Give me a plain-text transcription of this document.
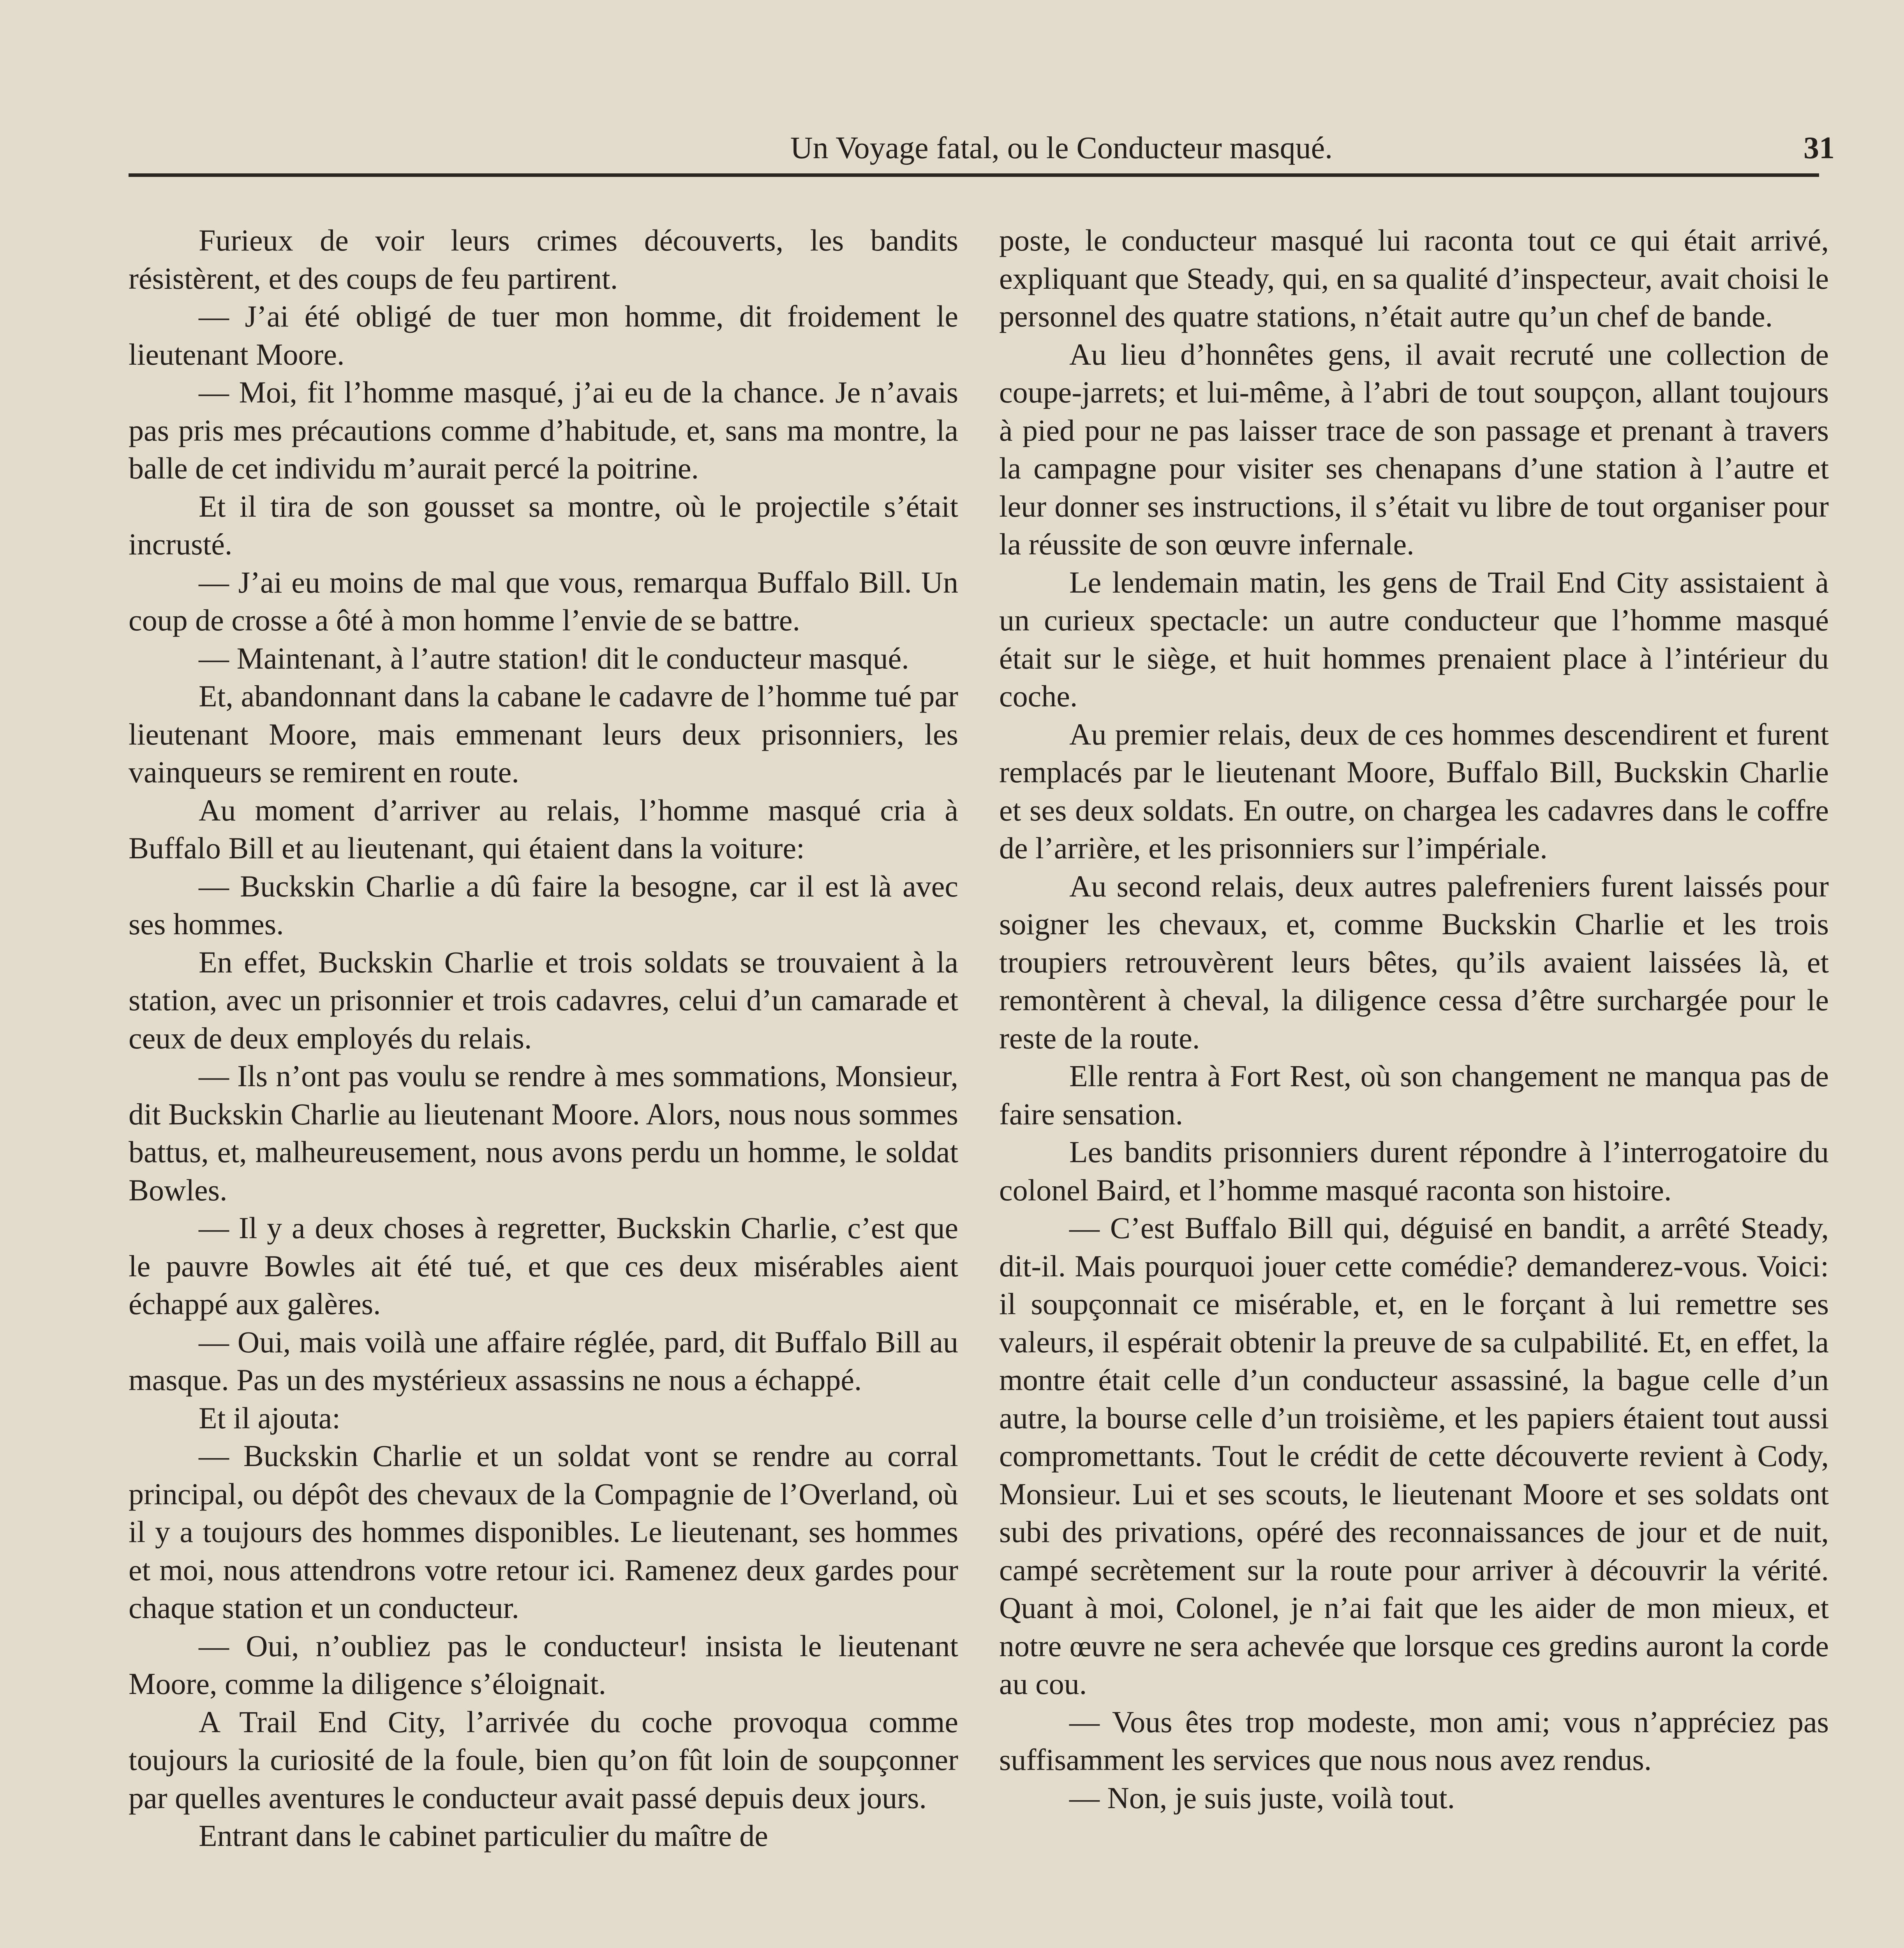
Un Voyage fatal, ou le Conducteur masqué.	31

Furieux de voir leurs crimes découverts, les bandits résistèrent, et des coups de feu partirent.

— J’ai été obligé de tuer mon homme, dit froidement le lieutenant Moore.

— Moi, fit l’homme masqué, j’ai eu de la chance. Je n’avais pas pris mes précautions comme d’habitude, et, sans ma montre, la balle de cet individu m’aurait percé la poitrine.

Et il tira de son gousset sa montre, où le projectile s’était incrusté.

— J’ai eu moins de mal que vous, remarqua Buffalo Bill. Un coup de crosse a ôté à mon homme l’envie de se battre.

— Maintenant, à l’autre station! dit le conducteur masqué.

Et, abandonnant dans la cabane le cadavre de l’homme tué par lieutenant Moore, mais emmenant leurs deux prisonniers, les vainqueurs se remirent en route.

Au moment d’arriver au relais, l’homme masqué cria à Buffalo Bill et au lieutenant, qui étaient dans la voiture:

— Buckskin Charlie a dû faire la besogne, car il est là avec ses hommes.

En effet, Buckskin Charlie et trois soldats se trouvaient à la station, avec un prisonnier et trois cadavres, celui d’un camarade et ceux de deux employés du relais.

— Ils n’ont pas voulu se rendre à mes sommations, Monsieur, dit Buckskin Charlie au lieutenant Moore. Alors, nous nous sommes battus, et, malheureusement, nous avons perdu un homme, le soldat Bowles.

— Il y a deux choses à regretter, Buckskin Charlie, c’est que le pauvre Bowles ait été tué, et que ces deux misérables aient échappé aux galères.

— Oui, mais voilà une affaire réglée, pard, dit Buffalo Bill au masque. Pas un des mystérieux assassins ne nous a échappé.

Et il ajouta:

— Buckskin Charlie et un soldat vont se rendre au corral principal, ou dépôt des chevaux de la Compagnie de l’Overland, où il y a toujours des hommes disponibles. Le lieutenant, ses hommes et moi, nous attendrons votre retour ici. Ramenez deux gardes pour chaque station et un conducteur.

— Oui, n’oubliez pas le conducteur! insista le lieutenant Moore, comme la diligence s’éloignait.

A Trail End City, l’arrivée du coche provoqua comme toujours la curiosité de la foule, bien qu’on fût loin de soupçonner par quelles aventures le conducteur avait passé depuis deux jours.

Entrant dans le cabinet particulier du maître de

poste, le conducteur masqué lui raconta tout ce qui était arrivé, expliquant que Steady, qui, en sa qualité d’inspecteur, avait choisi le personnel des quatre stations, n’était autre qu’un chef de bande.

Au lieu d’honnêtes gens, il avait recruté une collection de coupe-jarrets; et lui-même, à l’abri de tout soupçon, allant toujours à pied pour ne pas laisser trace de son passage et prenant à travers la campagne pour visiter ses chenapans d’une station à l’autre et leur donner ses instructions, il s’était vu libre de tout organiser pour la réussite de son œuvre infernale.

Le lendemain matin, les gens de Trail End City assistaient à un curieux spectacle: un autre conducteur que l’homme masqué était sur le siège, et huit hommes prenaient place à l’intérieur du coche.

Au premier relais, deux de ces hommes descendirent et furent remplacés par le lieutenant Moore, Buffalo Bill, Buckskin Charlie et ses deux soldats. En outre, on chargea les cadavres dans le coffre de l’arrière, et les prisonniers sur l’impériale.

Au second relais, deux autres palefreniers furent laissés pour soigner les chevaux, et, comme Buckskin Charlie et les trois troupiers retrouvèrent leurs bêtes, qu’ils avaient laissées là, et remontèrent à cheval, la diligence cessa d’être surchargée pour le reste de la route.

Elle rentra à Fort Rest, où son changement ne manqua pas de faire sensation.

Les bandits prisonniers durent répondre à l’interrogatoire du colonel Baird, et l’homme masqué raconta son histoire.

— C’est Buffalo Bill qui, déguisé en bandit, a arrêté Steady, dit-il. Mais pourquoi jouer cette comédie? demanderez-vous. Voici: il soupçonnait ce misérable, et, en le forçant à lui remettre ses valeurs, il espérait obtenir la preuve de sa culpabilité. Et, en effet, la montre était celle d’un conducteur assassiné, la bague celle d’un autre, la bourse celle d’un troisième, et les papiers étaient tout aussi compromettants. Tout le crédit de cette découverte revient à Cody, Monsieur. Lui et ses scouts, le lieutenant Moore et ses soldats ont subi des privations, opéré des reconnaissances de jour et de nuit, campé secrètement sur la route pour arriver à découvrir la vérité. Quant à moi, Colonel, je n’ai fait que les aider de mon mieux, et notre œuvre ne sera achevée que lorsque ces gredins auront la corde au cou.

— Vous êtes trop modeste, mon ami; vous n’appréciez pas suffisamment les services que nous nous avez rendus.

— Non, je suis juste, voilà tout.
